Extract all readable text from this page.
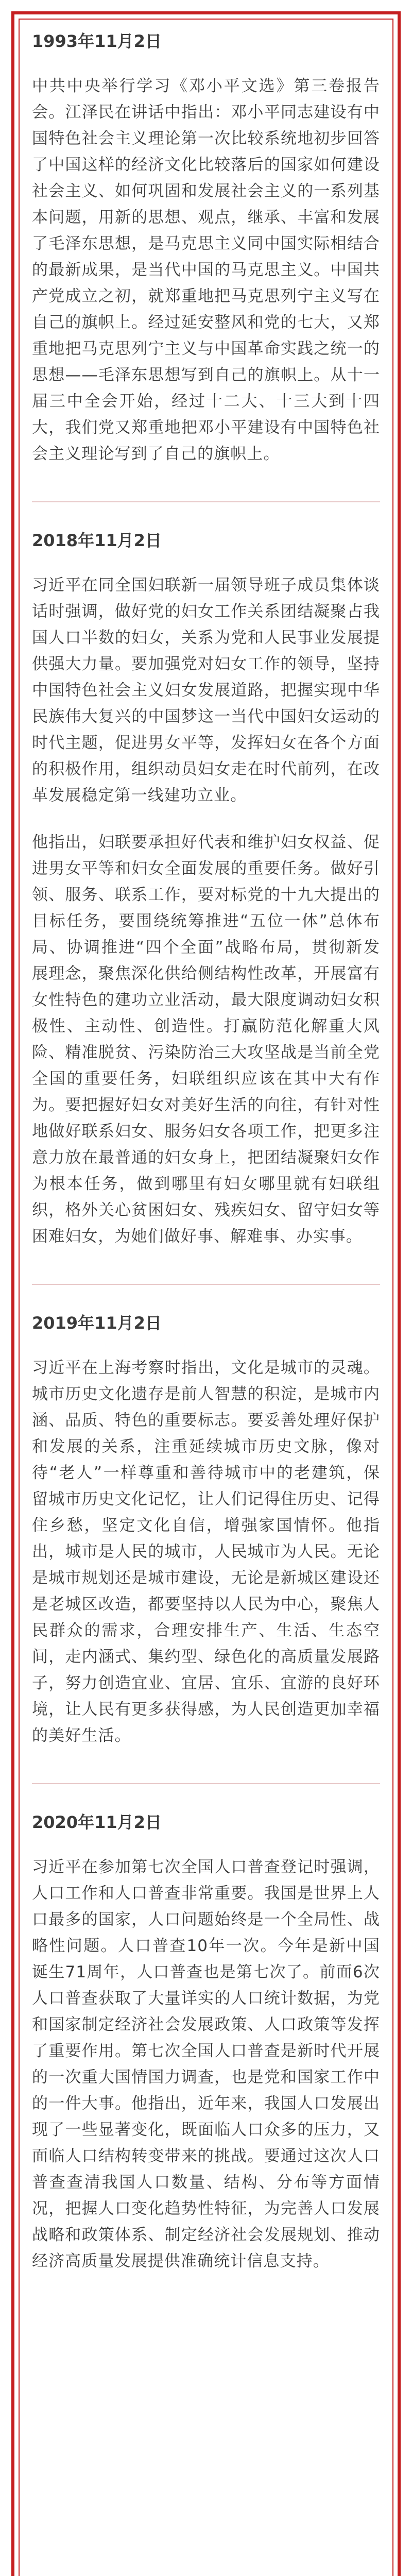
1993年11月2日

中共中央举行学习《邓小平文选》第三卷报告会。江泽民在讲话中指出：邓小平同志建设有中国特色社会主义理论第一次比较系统地初步回答了中国这样的经济文化比较落后的国家如何建设社会主义、如何巩固和发展社会主义的一系列基本问题，用新的思想、观点，继承、丰富和发展了毛泽东思想，是马克思主义同中国实际相结合的最新成果，是当代中国的马克思主义。中国共产党成立之初，就郑重地把马克思列宁主义写在自己的旗帜上。经过延安整风和党的七大，又郑重地把马克思列宁主义与中国革命实践之统一的思想——毛泽东思想写到自己的旗帜上。从十一届三中全会开始，经过十二大、十三大到十四大，我们党又郑重地把邓小平建设有中国特色社会主义理论写到了自己的旗帜上。

2018年11月2日

习近平在同全国妇联新一届领导班子成员集体谈话时强调，做好党的妇女工作关系团结凝聚占我国人口半数的妇女，关系为党和人民事业发展提供强大力量。要加强党对妇女工作的领导，坚持中国特色社会主义妇女发展道路，把握实现中华民族伟大复兴的中国梦这一当代中国妇女运动的时代主题，促进男女平等，发挥妇女在各个方面的积极作用，组织动员妇女走在时代前列，在改革发展稳定第一线建功立业。

他指出，妇联要承担好代表和维护妇女权益、促进男女平等和妇女全面发展的重要任务。做好引领、服务、联系工作，要对标党的十九大提出的目标任务，要围绕统筹推进“五位一体”总体布局、协调推进“四个全面”战略布局，贯彻新发展理念，聚焦深化供给侧结构性改革，开展富有女性特色的建功立业活动，最大限度调动妇女积极性、主动性、创造性。打赢防范化解重大风险、精准脱贫、污染防治三大攻坚战是当前全党全国的重要任务，妇联组织应该在其中大有作为。要把握好妇女对美好生活的向往，有针对性地做好联系妇女、服务妇女各项工作，把更多注意力放在最普通的妇女身上，把团结凝聚妇女作为根本任务，做到哪里有妇女哪里就有妇联组织，格外关心贫困妇女、残疾妇女、留守妇女等困难妇女，为她们做好事、解难事、办实事。

2019年11月2日

习近平在上海考察时指出，文化是城市的灵魂。城市历史文化遗存是前人智慧的积淀，是城市内涵、品质、特色的重要标志。要妥善处理好保护和发展的关系，注重延续城市历史文脉，像对待“老人”一样尊重和善待城市中的老建筑，保留城市历史文化记忆，让人们记得住历史、记得住乡愁，坚定文化自信，增强家国情怀。他指出，城市是人民的城市，人民城市为人民。无论是城市规划还是城市建设，无论是新城区建设还是老城区改造，都要坚持以人民为中心，聚焦人民群众的需求，合理安排生产、生活、生态空间，走内涵式、集约型、绿色化的高质量发展路子，努力创造宜业、宜居、宜乐、宜游的良好环境，让人民有更多获得感，为人民创造更加幸福的美好生活。

2020年11月2日

习近平在参加第七次全国人口普查登记时强调，人口工作和人口普查非常重要。我国是世界上人口最多的国家，人口问题始终是一个全局性、战略性问题。人口普查10年一次。今年是新中国诞生71周年，人口普查也是第七次了。前面6次人口普查获取了大量详实的人口统计数据，为党和国家制定经济社会发展政策、人口政策等发挥了重要作用。第七次全国人口普查是新时代开展的一次重大国情国力调查，也是党和国家工作中的一件大事。他指出，近年来，我国人口发展出现了一些显著变化，既面临人口众多的压力，又面临人口结构转变带来的挑战。要通过这次人口普查查清我国人口数量、结构、分布等方面情况，把握人口变化趋势性特征，为完善人口发展战略和政策体系、制定经济社会发展规划、推动经济高质量发展提供准确统计信息支持。
